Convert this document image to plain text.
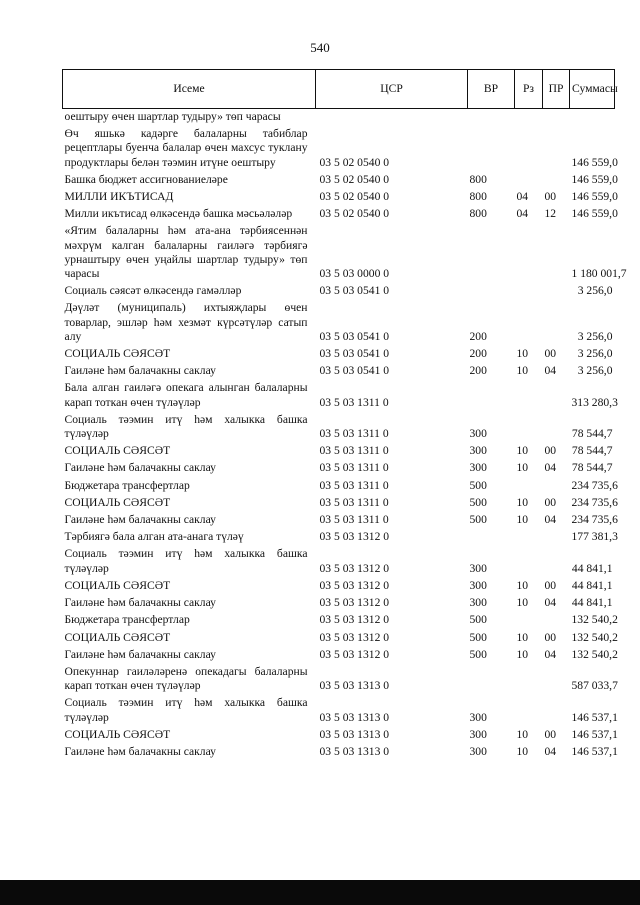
540
Исеме	ЦСР	ВР	Рз	ПР	Суммасы
оештыру өчен шартлар тудыру» төп чарасы					
Өч яшькә кадәрге балаларны табиблар рецептлары буенча балалар өчен махсус туклану продуктлары белән тәэмин итүне оештыру	03 5 02 0540 0				146 559,0
Башка бюджет ассигнованиеләре	03 5 02 0540 0	800			146 559,0
МИЛЛИ ИКЪТИСАД	03 5 02 0540 0	800	04	00	146 559,0
Милли икътисад өлкәсендә башка мәсьәләләр	03 5 02 0540 0	800	04	12	146 559,0
«Ятим балаларны һәм ата-ана тәрбиясеннән мәхрүм калган балаларны гаиләгә тәрбиягә урнаштыру өчен уңайлы шартлар тудыру» төп чарасы	03 5 03 0000 0				1 180 001,7
Социаль сәясәт өлкәсендә гамәлләр	03 5 03 0541 0				3 256,0
Дәүләт (муниципаль) ихтыяҗлары өчен товарлар, эшләр һәм хезмәт күрсәтүләр сатып алу	03 5 03 0541 0	200			3 256,0
СОЦИАЛЬ СӘЯСӘТ	03 5 03 0541 0	200	10	00	3 256,0
Гаиләне һәм балачакны саклау	03 5 03 0541 0	200	10	04	3 256,0
Бала алган гаиләгә опекага алынган балаларны карап тоткан өчен түләүләр	03 5 03 1311 0				313 280,3
Социаль тәэмин итү һәм халыкка башка түләүләр	03 5 03 1311 0	300			78 544,7
СОЦИАЛЬ СӘЯСӘТ	03 5 03 1311 0	300	10	00	78 544,7
Гаиләне һәм балачакны саклау	03 5 03 1311 0	300	10	04	78 544,7
Бюджетара трансфертлар	03 5 03 1311 0	500			234 735,6
СОЦИАЛЬ СӘЯСӘТ	03 5 03 1311 0	500	10	00	234 735,6
Гаиләне һәм балачакны саклау	03 5 03 1311 0	500	10	04	234 735,6
Тәрбиягә бала алган ата-анага түләү	03 5 03 1312 0				177 381,3
Социаль тәэмин итү һәм халыкка башка түләүләр	03 5 03 1312 0	300			44 841,1
СОЦИАЛЬ СӘЯСӘТ	03 5 03 1312 0	300	10	00	44 841,1
Гаиләне һәм балачакны саклау	03 5 03 1312 0	300	10	04	44 841,1
Бюджетара трансфертлар	03 5 03 1312 0	500			132 540,2
СОЦИАЛЬ СӘЯСӘТ	03 5 03 1312 0	500	10	00	132 540,2
Гаиләне һәм балачакны саклау	03 5 03 1312 0	500	10	04	132 540,2
Опекуннар гаиләләренә опекадагы балаларны карап тоткан өчен түләүләр	03 5 03 1313 0				587 033,7
Социаль тәэмин итү һәм халыкка башка түләүләр	03 5 03 1313 0	300			146 537,1
СОЦИАЛЬ СӘЯСӘТ	03 5 03 1313 0	300	10	00	146 537,1
Гаиләне һәм балачакны саклау	03 5 03 1313 0	300	10	04	146 537,1
